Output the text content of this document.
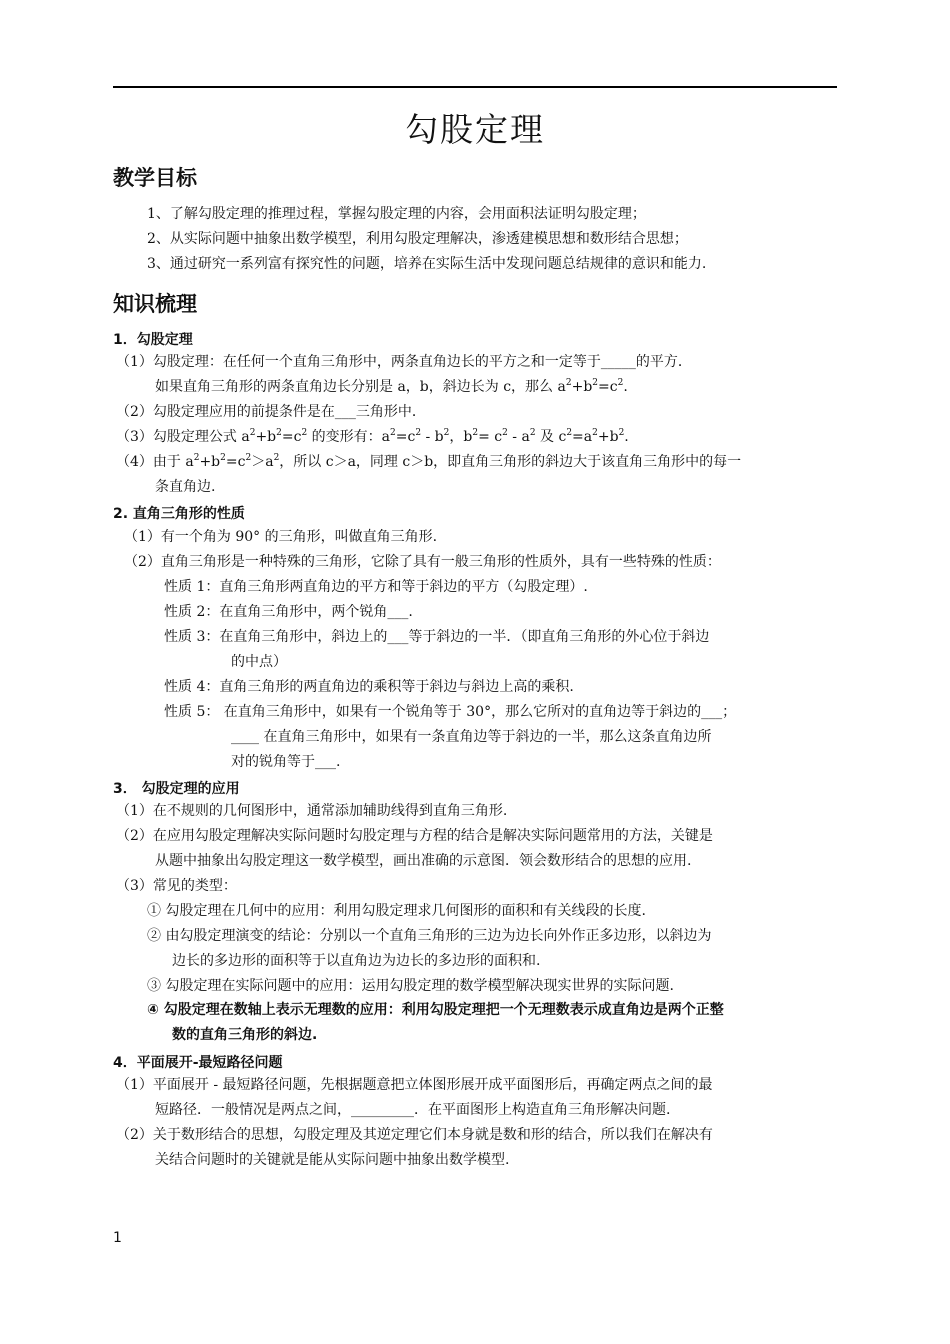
勾股定理
教学目标
1、了解勾股定理的推理过程，掌握勾股定理的内容，会用面积法证明勾股定理；
2、从实际问题中抽象出数学模型，利用勾股定理解决，渗透建模思想和数形结合思想；
3、通过研究一系列富有探究性的问题，培养在实际生活中发现问题总结规律的意识和能力.
知识梳理
1．勾股定理
（1）勾股定理：在任何一个直角三角形中，两条直角边长的平方之和一定等于_____的平方．
如果直角三角形的两条直角边长分别是 a，b，斜边长为 c，那么 $a^2+b^2=c^2$.
（2）勾股定理应用的前提条件是在___三角形中．
（3）勾股定理公式 $a^2+b^2=c^2$ 的变形有：$a^2=c^2 - b^2$，$b^2= c^2 - a^2$ 及 $c^2=a^2+b^2$.
（4）由于 $a^2+b^2=c^2>a^2$，所以 c＞a，同理 c＞b，即直角三角形的斜边大于该直角三角形中的每一
条直角边.
2. 直角三角形的性质
（1）有一个角为 90° 的三角形，叫做直角三角形.
（2）直角三角形是一种特殊的三角形，它除了具有一般三角形的性质外，具有一些特殊的性质：
性质 1：直角三角形两直角边的平方和等于斜边的平方（勾股定理）.
性质 2：在直角三角形中，两个锐角___.
性质 3：在直角三角形中，斜边上的___等于斜边的一半．（即直角三角形的外心位于斜边
的中点）
性质 4：直角三角形的两直角边的乘积等于斜边与斜边上高的乘积.
性质 5： 在直角三角形中，如果有一个锐角等于 30°，那么它所对的直角边等于斜边的___；
____ 在直角三角形中，如果有一条直角边等于斜边的一半，那么这条直角边所
对的锐角等于___.
3． 勾股定理的应用
（1）在不规则的几何图形中，通常添加辅助线得到直角三角形.
（2）在应用勾股定理解决实际问题时勾股定理与方程的结合是解决实际问题常用的方法，关键是
从题中抽象出勾股定理这一数学模型，画出准确的示意图．领会数形结合的思想的应用.
（3）常见的类型：
① 勾股定理在几何中的应用：利用勾股定理求几何图形的面积和有关线段的长度.
② 由勾股定理演变的结论：分别以一个直角三角形的三边为边长向外作正多边形，以斜边为
边长的多边形的面积等于以直角边为边长的多边形的面积和.
③ 勾股定理在实际问题中的应用：运用勾股定理的数学模型解决现实世界的实际问题.
④ 勾股定理在数轴上表示无理数的应用：利用勾股定理把一个无理数表示成直角边是两个正整
数的直角三角形的斜边.
4．平面展开-最短路径问题
（1）平面展开 - 最短路径问题，先根据题意把立体图形展开成平面图形后，再确定两点之间的最
短路径．一般情况是两点之间，_________．在平面图形上构造直角三角形解决问题.
（2）关于数形结合的思想，勾股定理及其逆定理它们本身就是数和形的结合，所以我们在解决有
关结合问题时的关键就是能从实际问题中抽象出数学模型.
1
